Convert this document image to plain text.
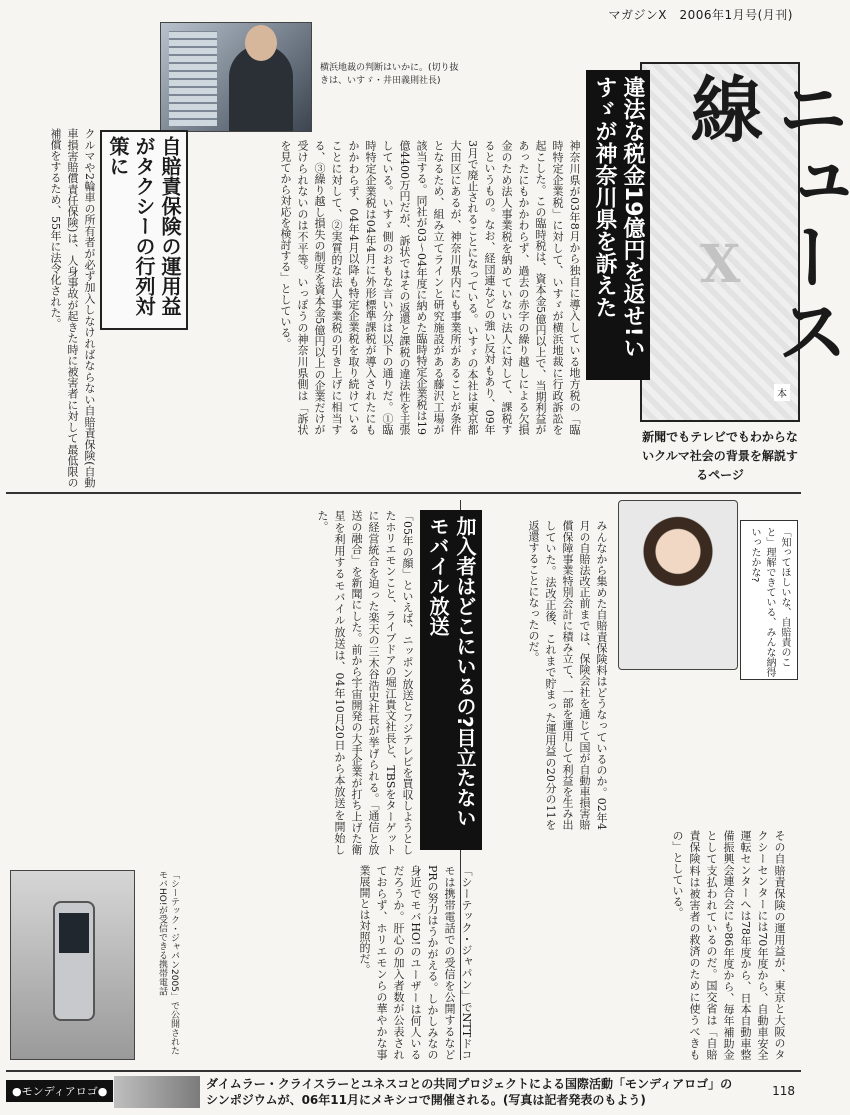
マガジンX　2006年1月号(月刊)
横浜地裁の判断はいかに。(切り抜きは、いすゞ・井田義則社長)	ニュース線
X
本
新聞でもテレビでもわからないクルマ社会の背景を解説するページ
違法な税金19億円を返せ!いすゞが神奈川県を訴えた
神奈川県が03年8月から独自に導入している地方税の「臨時特定企業税」に対して、いすゞが横浜地裁に行政訴訟を起こした。この臨時税は、資本金5億円以上で、当期利益があったにもかかわらず、過去の赤字の繰り越しによる欠損金のため法人事業税を納めていない法人に対して、課税するというもの。なお、経団連などの強い反対もあり、09年3月で廃止されることになっている。いすゞの本社は東京都大田区にあるが、神奈川県内にも事業所があることが条件となるため、組み立てラインと研究施設がある藤沢工場が該当する。同社が03〜04年度に納めた臨時特定企業税は19億4400万円だが、訴状ではその返還と課税の違法性を主張している。いすゞ側のおもな言い分は以下の通りだ。①臨時特定企業税は04年4月に外形標準課税が導入されたにもかかわらず、04年4月以降も特定企業税を取り続けていることに対して、②実質的な法人事業税の引き上げに相当する、③繰り越し損失の制度を資本金5億円以上の企業だけが受けられないのは不平等。いっぽうの神奈川県側は「訴状を見てから対応を検討する」としている。
自賠責保険の運用益がタクシーの行列対策に
クルマや2輪車の所有者が必ず加入しなければならない自賠責保険(自動車損害賠償責任保険)は、人身事故が起きた時に被害者に対して最低限の補償をするため、55年に法令化された。
「知ってほしいな、自賠責のこと」理解できている、みんな納得いったかな?
みんなから集めた自賠責保険料はどうなっているのか。02年4月の自賠法改正前までは、保険会社を通じて国が自動車損害賠償保障事業特別会計に積み立て、一部を運用して利益を生み出していた。法改正後、これまで貯まった運用益の20分の11を返還することになったのだ。
加入者はどこにいるの?目立たないモバイル放送
「05年の顔」といえば、ニッポン放送とフジテレビを買収しようとしたホリエモンこと、ライブドアの堀江貴文社長と、TBSをターゲットに経営統合を迫った楽天の三木谷浩史社長が挙げられる。「通信と放送の融合」を新聞にした。前から宇宙開発の大手企業が打ち上げた衛星を利用するモバイル放送は、04年10月20日から本放送を開始した。
その自賠責保険の運用益が、東京と大阪のタクシーセンターには70年度から、自動車安全運転センターへは78年度から、日本自動車整備振興会連合会にも86年度から、毎年補助金として支払われているのだ。国交省は「自賠責保険料は被害者の救済のために使うべきもの」としている。
「シーテック・ジャパン」でNTTドコモは携帯電話での受信を公開するなどPRの努力はうかがえる。しかしみなの身近でモバHO!のユーザーは何人いるだろうか。肝心の加入者数が公表されておらず、ホリエモンらの華やかな事業展開とは対照的だ。
「シーテック・ジャパン2005」で公開されたモバHO!が受信できる携帯電話
●モンディアロゴ●
ダイムラー・クライスラーとユネスコとの共同プロジェクトによる国際活動「モンディアロゴ」のシンポジウムが、06年11月にメキシコで開催される。(写真は記者発表のもよう)
118
